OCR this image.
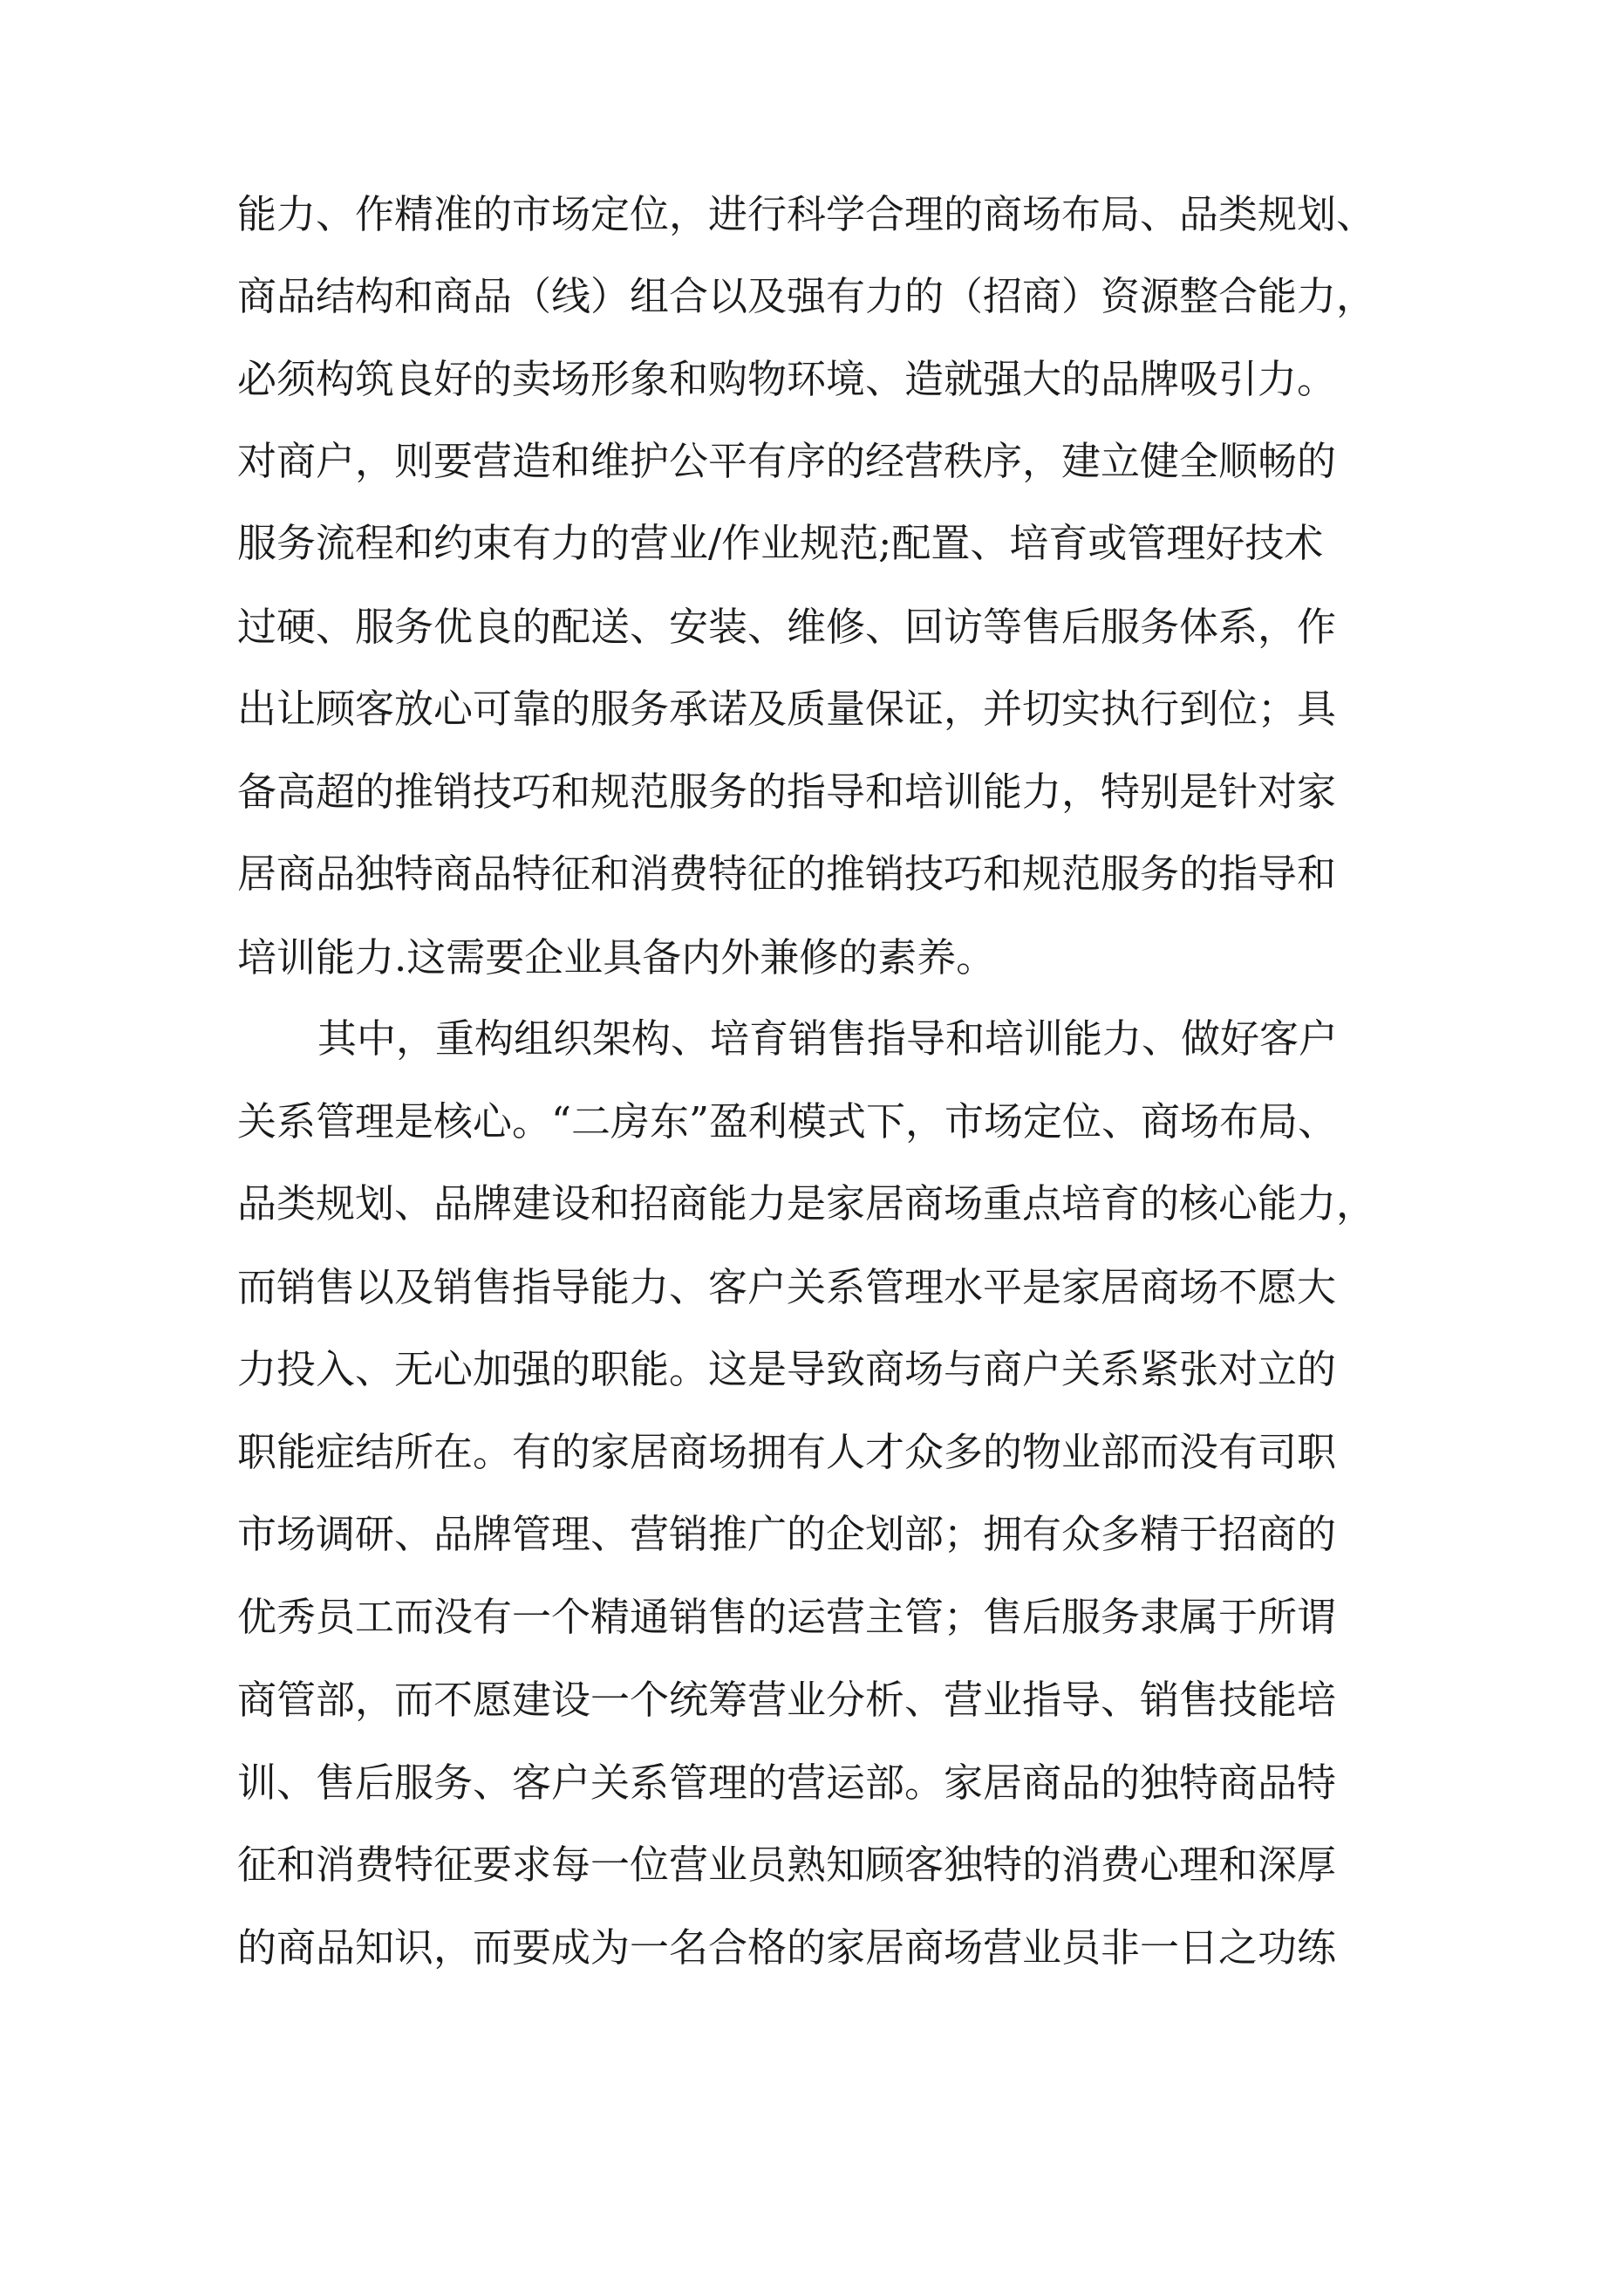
能力、作精准的市场定位，进行科学合理的商场布局、品类规划、
商品结构和商品（线）组合以及强有力的（招商）资源整合能力，
必须构筑良好的卖场形象和购物环境、造就强大的品牌吸引力。
对商户，则要营造和维护公平有序的经营秩序，建立健全顺畅的
服务流程和约束有力的营业/作业规范;配置、培育或管理好技术
过硬、服务优良的配送、安装、维修、回访等售后服务体系，作
出让顾客放心可靠的服务承诺及质量保证，并切实执行到位；具
备高超的推销技巧和规范服务的指导和培训能力，特别是针对家
居商品独特商品特征和消费特征的推销技巧和规范服务的指导和
培训能力.这需要企业具备内外兼修的素养。
其中，重构组织架构、培育销售指导和培训能力、做好客户
关系管理是核心。“二房东”盈利模式下，市场定位、商场布局、
品类规划、品牌建设和招商能力是家居商场重点培育的核心能力，
而销售以及销售指导能力、客户关系管理水平是家居商场不愿大
力投入、无心加强的职能。这是导致商场与商户关系紧张对立的
职能症结所在。有的家居商场拥有人才众多的物业部而没有司职
市场调研、品牌管理、营销推广的企划部；拥有众多精于招商的
优秀员工而没有一个精通销售的运营主管；售后服务隶属于所谓
商管部，而不愿建设一个统筹营业分析、营业指导、销售技能培
训、售后服务、客户关系管理的营运部。家居商品的独特商品特
征和消费特征要求每一位营业员熟知顾客独特的消费心理和深厚
的商品知识，而要成为一名合格的家居商场营业员非一日之功练
